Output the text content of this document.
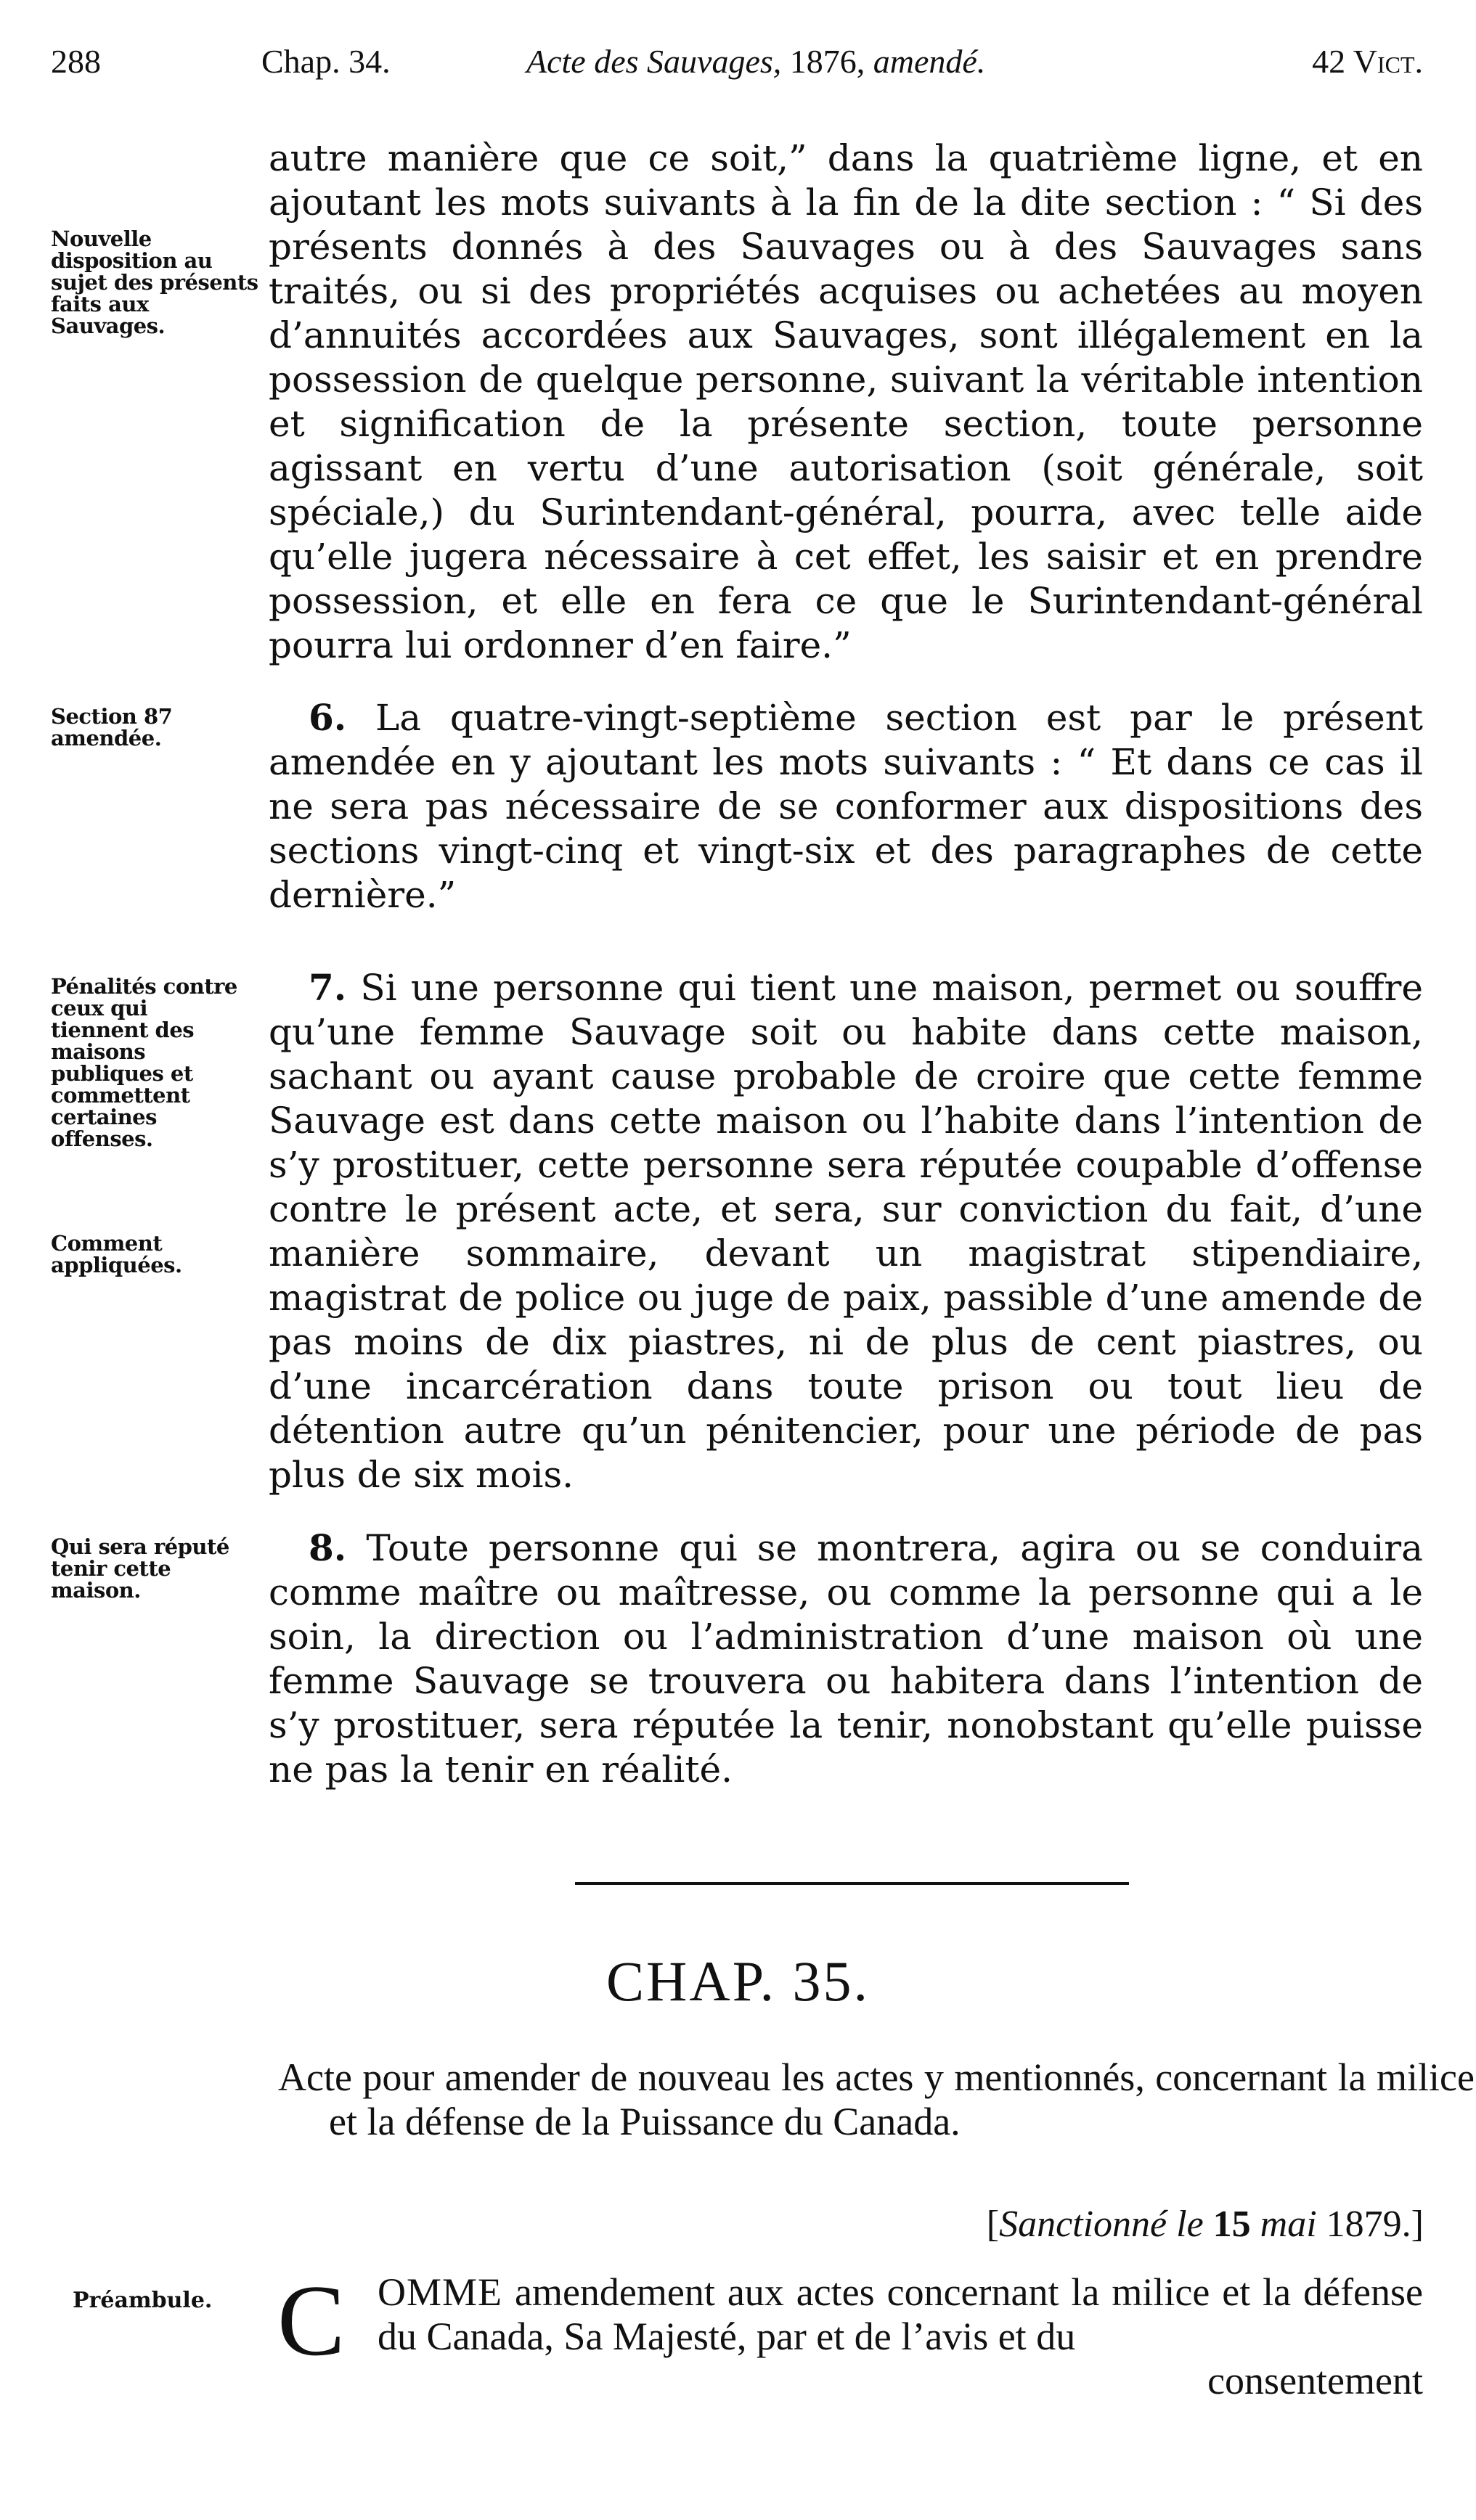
288	Chap. 34.	Acte des Sauvages, 1876, amendé.	42 Vict.
autre manière que ce soit,” dans la quatrième ligne, et en ajoutant les mots suivants à la fin de la dite section : “ Si des présents donnés à des Sauvages ou à des Sauvages sans traités, ou si des propriétés acquises ou achetées au moyen d’annuités accordées aux Sauvages, sont illégalement en la possession de quelque personne, suivant la véritable intention et signification de la présente section, toute personne agissant en vertu d’une autorisation (soit générale, soit spéciale,) du Surintendant-général, pourra, avec telle aide qu’elle jugera nécessaire à cet effet, les saisir et en prendre possession, et elle en fera ce que le Surintendant-général pourra lui ordonner d’en faire.”
Nouvelle disposition au sujet des présents faits aux Sauvages.
Section 87 amendée.	6. La quatre-vingt-septième section est par le présent amendée en y ajoutant les mots suivants : “ Et dans ce cas il ne sera pas nécessaire de se conformer aux dispositions des sections vingt-cinq et vingt-six et des paragraphes de cette dernière.”
Pénalités contre ceux qui tiennent des maisons publiques et commettent certaines offenses.
Comment appliquées.
7. Si une personne qui tient une maison, permet ou souffre qu’une femme Sauvage soit ou habite dans cette maison, sachant ou ayant cause probable de croire que cette femme Sauvage est dans cette maison ou l’habite dans l’intention de s’y prostituer, cette personne sera réputée coupable d’offense contre le présent acte, et sera, sur conviction du fait, d’une manière sommaire, devant un magistrat stipendiaire, magistrat de police ou juge de paix, passible d’une amende de pas moins de dix piastres, ni de plus de cent piastres, ou d’une incarcération dans toute prison ou tout lieu de détention autre qu’un pénitencier, pour une période de pas plus de six mois.
Qui sera réputé tenir cette maison.
8. Toute personne qui se montrera, agira ou se conduira comme maître ou maîtresse, ou comme la personne qui a le soin, la direction ou l’administration d’une maison où une femme Sauvage se trouvera ou habitera dans l’intention de s’y prostituer, sera réputée la tenir, nonobstant qu’elle puisse ne pas la tenir en réalité.
CHAP. 35.
Acte pour amender de nouveau les actes y mentionnés, concernant la milice et la défense de la Puissance du Canada.
[Sanctionné le 15 mai 1879.]
Préambule. C OMME amendement aux actes concernant la milice et la défense du Canada, Sa Majesté, par et de l’avis et du
consentement
